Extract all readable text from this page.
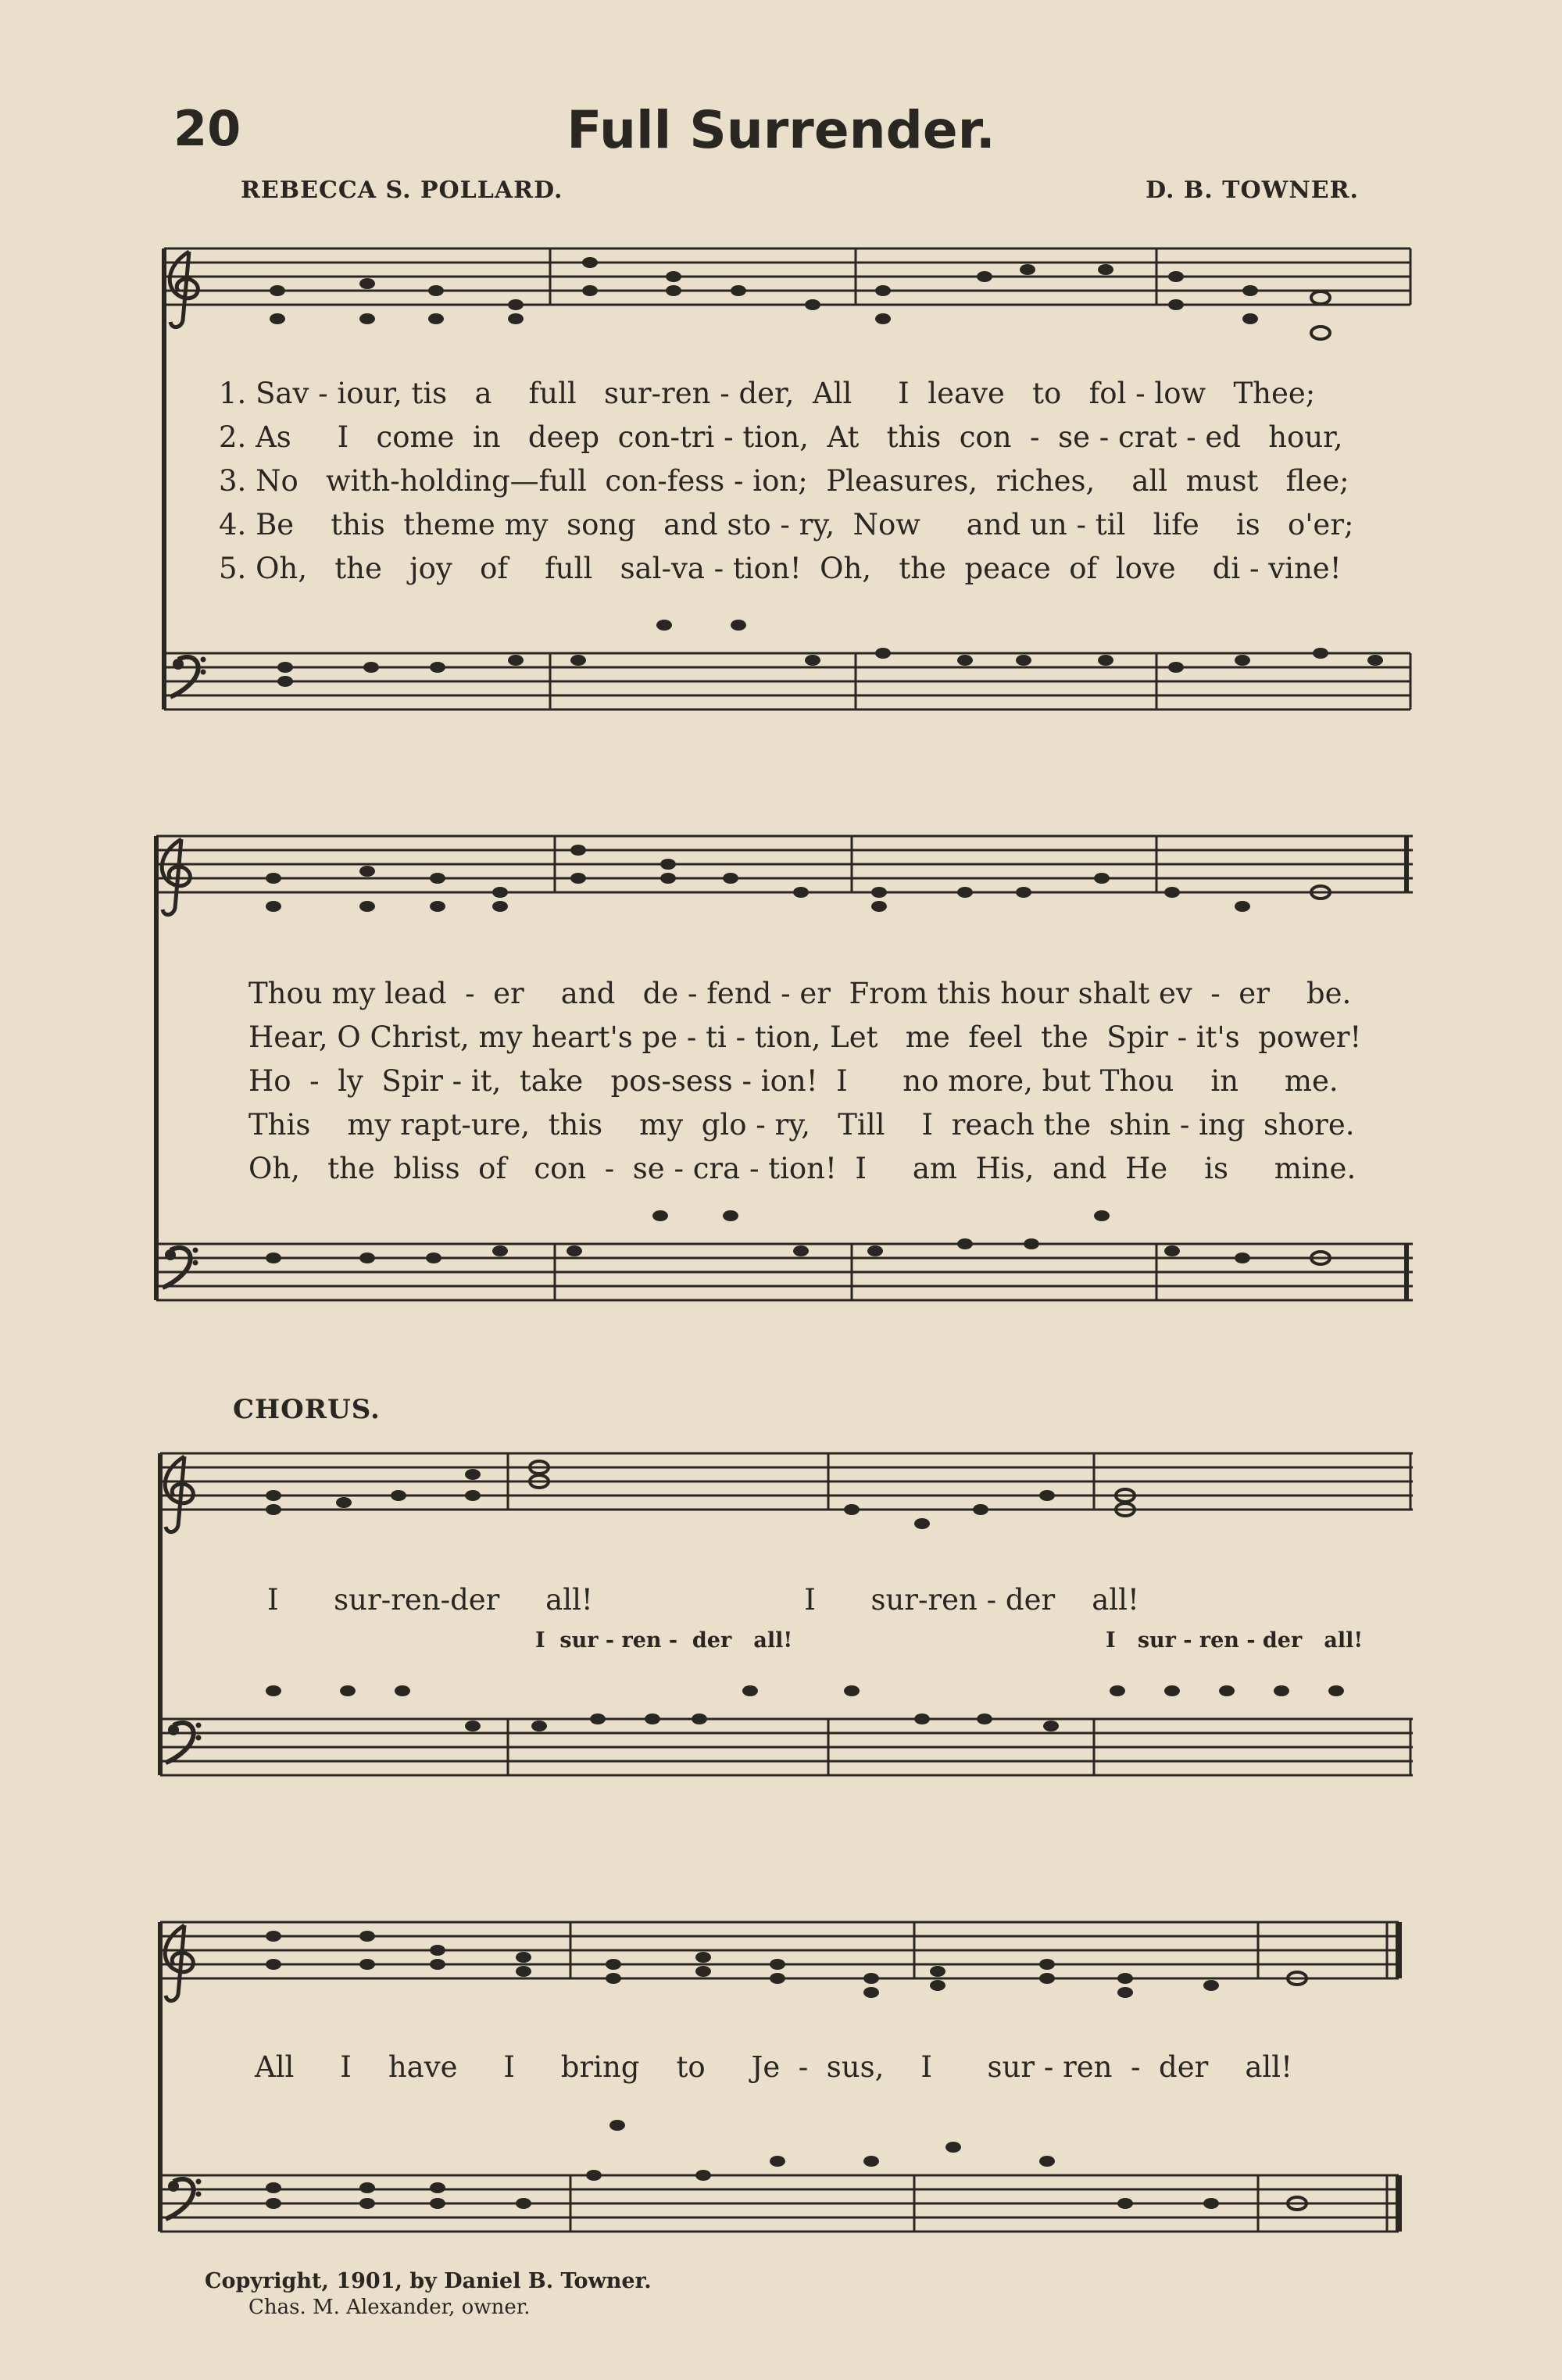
20	Full Surrender.
REBECCA S. POLLARD.	D. B. TOWNER.
1. Sav - iour, tis   a    full   sur-ren - der,  All     I  leave   to   fol - low   Thee;
2. As     I   come  in   deep  con-tri - tion,  At   this  con  -  se - crat - ed   hour,
3. No   with-holding—full  con-fess - ion;  Pleasures,  riches,    all  must   flee;
4. Be    this  theme my  song   and sto - ry,  Now     and un - til   life    is   o'er;
5. Oh,   the   joy   of    full   sal-va - tion!  Oh,   the  peace  of  love    di - vine!
Thou my lead  -  er    and   de - fend - er  From this hour shalt ev  -  er    be.
Hear, O Christ, my heart's pe - ti - tion, Let   me  feel  the  Spir - it's  power!
Ho  -  ly  Spir - it,  take   pos-sess - ion!  I      no more, but Thou    in     me.
This    my rapt-ure,  this    my  glo - ry,   Till    I  reach the  shin - ing  shore.
Oh,   the  bliss  of   con  -  se - cra - tion!  I     am  His,  and  He    is     mine.
CHORUS.
I      sur-ren-der     all!                       I      sur-ren - der    all!
I  sur - ren -  der   all!	I   sur - ren - der   all!
All     I    have     I     bring    to     Je  -  sus,    I      sur - ren  -  der    all!
Copyright, 1901, by Daniel B. Towner.
Chas. M. Alexander, owner.
